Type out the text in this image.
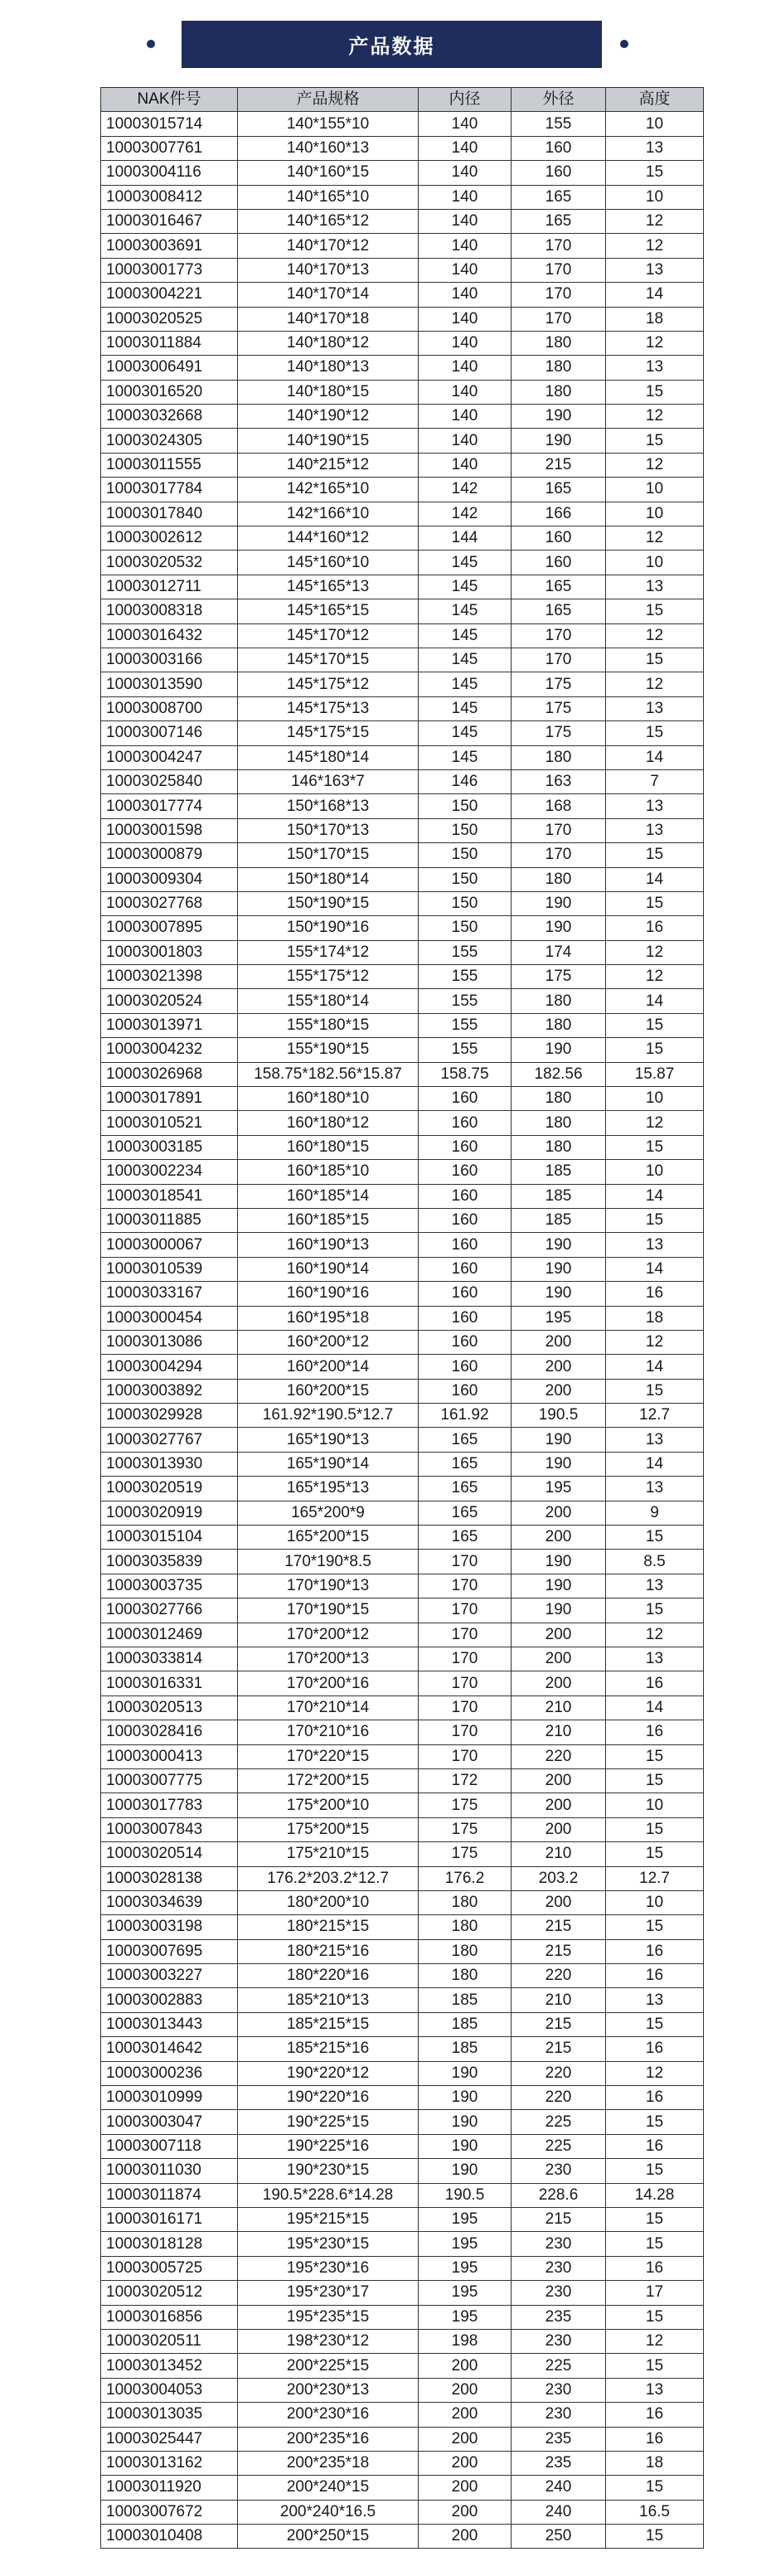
产品数据
NAK件号	产品规格	内径	外径	高度
10003015714	140*155*10	140	155	10
10003007761	140*160*13	140	160	13
10003004116	140*160*15	140	160	15
10003008412	140*165*10	140	165	10
10003016467	140*165*12	140	165	12
10003003691	140*170*12	140	170	12
10003001773	140*170*13	140	170	13
10003004221	140*170*14	140	170	14
10003020525	140*170*18	140	170	18
10003011884	140*180*12	140	180	12
10003006491	140*180*13	140	180	13
10003016520	140*180*15	140	180	15
10003032668	140*190*12	140	190	12
10003024305	140*190*15	140	190	15
10003011555	140*215*12	140	215	12
10003017784	142*165*10	142	165	10
10003017840	142*166*10	142	166	10
10003002612	144*160*12	144	160	12
10003020532	145*160*10	145	160	10
10003012711	145*165*13	145	165	13
10003008318	145*165*15	145	165	15
10003016432	145*170*12	145	170	12
10003003166	145*170*15	145	170	15
10003013590	145*175*12	145	175	12
10003008700	145*175*13	145	175	13
10003007146	145*175*15	145	175	15
10003004247	145*180*14	145	180	14
10003025840	146*163*7	146	163	7
10003017774	150*168*13	150	168	13
10003001598	150*170*13	150	170	13
10003000879	150*170*15	150	170	15
10003009304	150*180*14	150	180	14
10003027768	150*190*15	150	190	15
10003007895	150*190*16	150	190	16
10003001803	155*174*12	155	174	12
10003021398	155*175*12	155	175	12
10003020524	155*180*14	155	180	14
10003013971	155*180*15	155	180	15
10003004232	155*190*15	155	190	15
10003026968	158.75*182.56*15.87	158.75	182.56	15.87
10003017891	160*180*10	160	180	10
10003010521	160*180*12	160	180	12
10003003185	160*180*15	160	180	15
10003002234	160*185*10	160	185	10
10003018541	160*185*14	160	185	14
10003011885	160*185*15	160	185	15
10003000067	160*190*13	160	190	13
10003010539	160*190*14	160	190	14
10003033167	160*190*16	160	190	16
10003000454	160*195*18	160	195	18
10003013086	160*200*12	160	200	12
10003004294	160*200*14	160	200	14
10003003892	160*200*15	160	200	15
10003029928	161.92*190.5*12.7	161.92	190.5	12.7
10003027767	165*190*13	165	190	13
10003013930	165*190*14	165	190	14
10003020519	165*195*13	165	195	13
10003020919	165*200*9	165	200	9
10003015104	165*200*15	165	200	15
10003035839	170*190*8.5	170	190	8.5
10003003735	170*190*13	170	190	13
10003027766	170*190*15	170	190	15
10003012469	170*200*12	170	200	12
10003033814	170*200*13	170	200	13
10003016331	170*200*16	170	200	16
10003020513	170*210*14	170	210	14
10003028416	170*210*16	170	210	16
10003000413	170*220*15	170	220	15
10003007775	172*200*15	172	200	15
10003017783	175*200*10	175	200	10
10003007843	175*200*15	175	200	15
10003020514	175*210*15	175	210	15
10003028138	176.2*203.2*12.7	176.2	203.2	12.7
10003034639	180*200*10	180	200	10
10003003198	180*215*15	180	215	15
10003007695	180*215*16	180	215	16
10003003227	180*220*16	180	220	16
10003002883	185*210*13	185	210	13
10003013443	185*215*15	185	215	15
10003014642	185*215*16	185	215	16
10003000236	190*220*12	190	220	12
10003010999	190*220*16	190	220	16
10003003047	190*225*15	190	225	15
10003007118	190*225*16	190	225	16
10003011030	190*230*15	190	230	15
10003011874	190.5*228.6*14.28	190.5	228.6	14.28
10003016171	195*215*15	195	215	15
10003018128	195*230*15	195	230	15
10003005725	195*230*16	195	230	16
10003020512	195*230*17	195	230	17
10003016856	195*235*15	195	235	15
10003020511	198*230*12	198	230	12
10003013452	200*225*15	200	225	15
10003004053	200*230*13	200	230	13
10003013035	200*230*16	200	230	16
10003025447	200*235*16	200	235	16
10003013162	200*235*18	200	235	18
10003011920	200*240*15	200	240	15
10003007672	200*240*16.5	200	240	16.5
10003010408	200*250*15	200	250	15
